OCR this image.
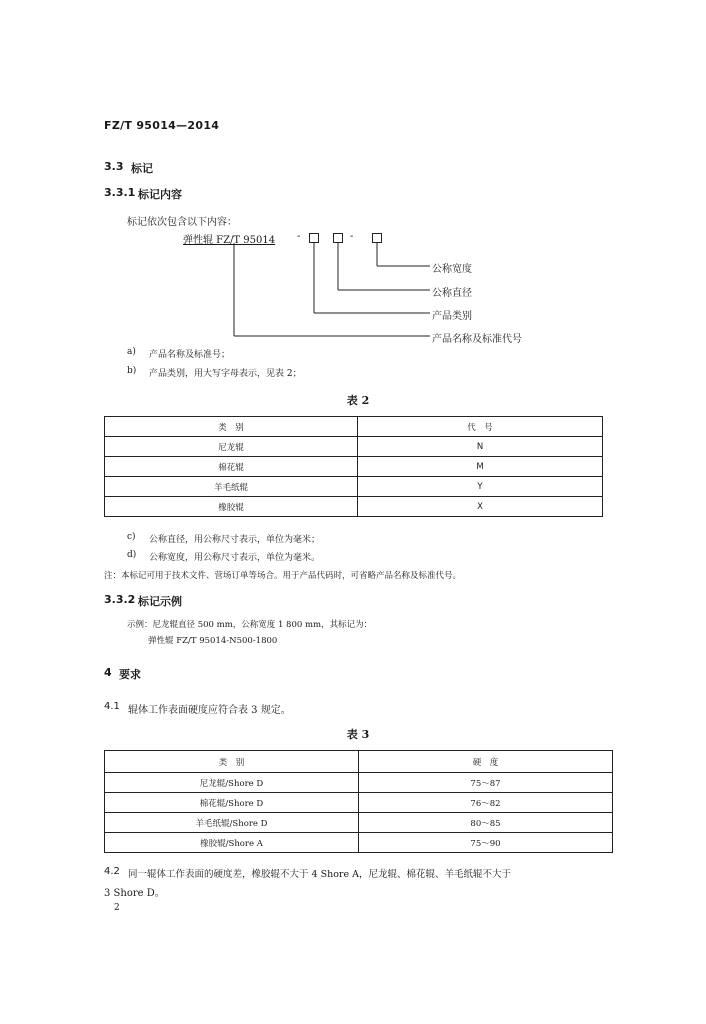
FZ/T 95014—2014
3.3 标记
3.3.1 标记内容
标记依次包含以下内容：
弹性辊 FZ/T 95014 -	-
公称宽度
公称直径
产品类别
产品名称及标准代号
a) 产品名称及标准号；
b) 产品类别，用大写字母表示，见表 2；
表 2
类　别	代　号
尼龙辊	N
棉花辊	M
羊毛纸辊	Y
橡胶辊	X
c) 公称直径，用公称尺寸表示，单位为毫米；
d) 公称宽度，用公称尺寸表示，单位为毫米。
注：本标记可用于技术文件、营场订单等场合。用于产品代码时，可省略产品名称及标准代号。
3.3.2 标记示例
示例：尼龙辊直径 500 mm，公称宽度 1 800 mm，其标记为：
弹性辊 FZ/T 95014-N500-1800
4 要求
4.1 辊体工作表面硬度应符合表 3 规定。
表 3
类　别	硬　度
尼龙辊/Shore D	75～87
棉花辊/Shore D	76～82
羊毛纸辊/Shore D	80～85
橡胶辊/Shore A	75～90
4.2 同一辊体工作表面的硬度差，橡胶辊不大于 4 Shore A，尼龙辊、棉花辊、羊毛纸辊不大于
3 Shore D。
2
